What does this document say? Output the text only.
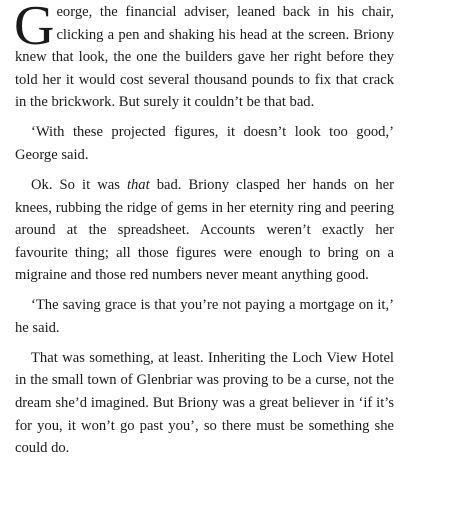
George, the financial adviser, leaned back in his chair, clicking a pen and shaking his head at the screen. Briony knew that look, the one the builders gave her right before they told her it would cost several thousand pounds to fix that crack in the brickwork. But surely it couldn’t be that bad.

‘With these projected figures, it doesn’t look too good,’ George said.

Ok. So it was that bad. Briony clasped her hands on her knees, rubbing the ridge of gems in her eternity ring and peering around at the spreadsheet. Accounts weren’t exactly her favourite thing; all those figures were enough to bring on a migraine and those red numbers never meant anything good.

‘The saving grace is that you’re not paying a mortgage on it,’ he said.

That was something, at least. Inheriting the Loch View Hotel in the small town of Glenbriar was proving to be a curse, not the dream she’d imagined. But Briony was a great believer in ‘if it’s for you, it won’t go past you’, so there must be something she could do.
